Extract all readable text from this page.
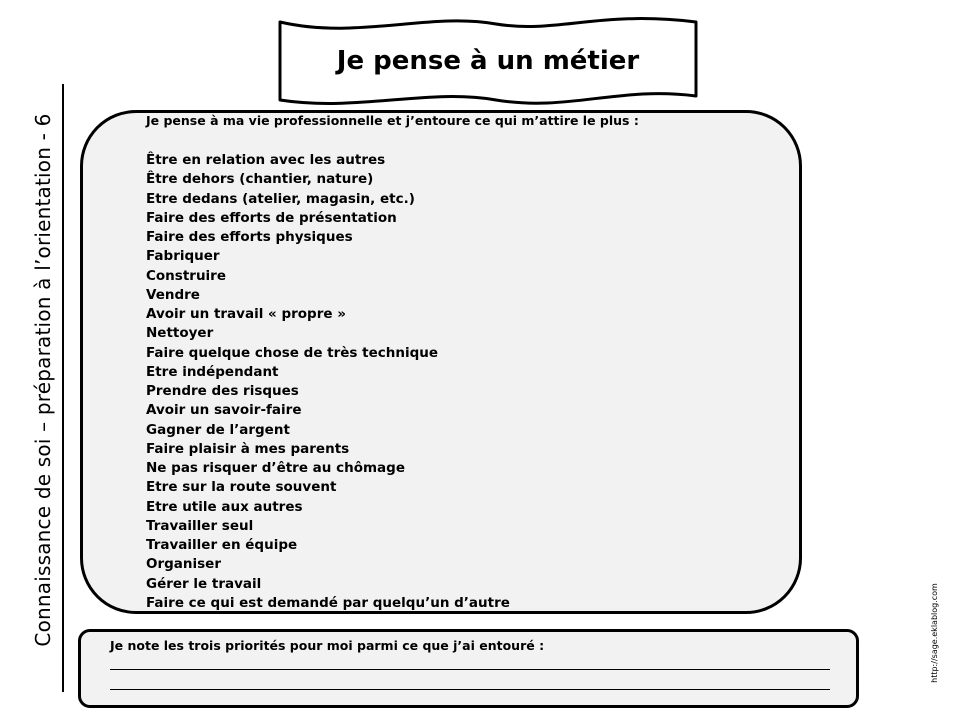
Connaissance de soi – préparation à l’orientation - 6
Je pense à un métier
Je pense à ma vie professionnelle et j’entoure ce qui m’attire le plus :
Être en relation avec les autres
Être dehors (chantier, nature)
Etre dedans (atelier, magasin, etc.)
Faire des efforts de présentation
Faire des efforts physiques
Fabriquer
Construire
Vendre
Avoir un travail « propre »
Nettoyer
Faire quelque chose de très technique
Etre indépendant
Prendre des risques
Avoir un savoir-faire
Gagner de l’argent
Faire plaisir à mes parents
Ne pas risquer d’être au chômage
Etre sur la route souvent
Etre utile aux autres
Travailler seul
Travailler en équipe
Organiser
Gérer le travail
Faire ce qui est demandé par quelqu’un d’autre
Je note les trois priorités pour moi parmi ce que j’ai entouré :	http://sage.eklablog.com
